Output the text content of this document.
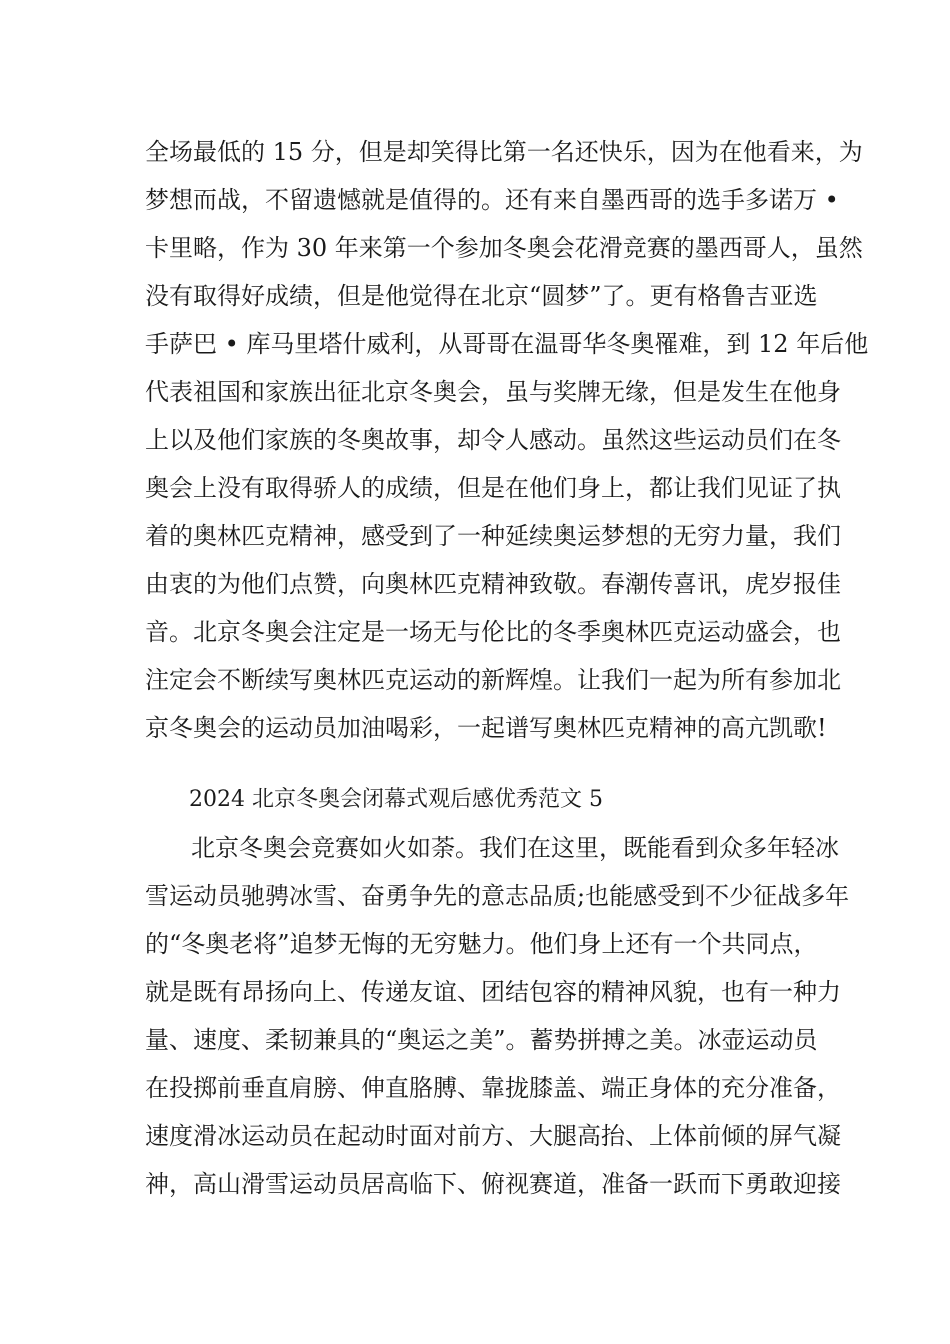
全场最低的 15 分，但是却笑得比第一名还快乐，因为在他看来，为
梦想而战，不留遗憾就是值得的。还有来自墨西哥的选手多诺万 •
卡里略，作为 30 年来第一个参加冬奥会花滑竞赛的墨西哥人，虽然
没有取得好成绩，但是他觉得在北京“圆梦”了。更有格鲁吉亚选
手萨巴 • 库马里塔什威利，从哥哥在温哥华冬奥罹难，到 12 年后他
代表祖国和家族出征北京冬奥会，虽与奖牌无缘，但是发生在他身
上以及他们家族的冬奥故事，却令人感动。虽然这些运动员们在冬
奥会上没有取得骄人的成绩，但是在他们身上，都让我们见证了执
着的奥林匹克精神，感受到了一种延续奥运梦想的无穷力量，我们
由衷的为他们点赞，向奥林匹克精神致敬。春潮传喜讯，虎岁报佳
音。北京冬奥会注定是一场无与伦比的冬季奥林匹克运动盛会，也
注定会不断续写奥林匹克运动的新辉煌。让我们一起为所有参加北
京冬奥会的运动员加油喝彩，一起谱写奥林匹克精神的高亢凯歌!
2024 北京冬奥会闭幕式观后感优秀范文 5
北京冬奥会竞赛如火如荼。我们在这里，既能看到众多年轻冰
雪运动员驰骋冰雪、奋勇争先的意志品质;也能感受到不少征战多年
的“冬奥老将”追梦无悔的无穷魅力。他们身上还有一个共同点，
就是既有昂扬向上、传递友谊、团结包容的精神风貌，也有一种力
量、速度、柔韧兼具的“奥运之美”。蓄势拼搏之美。冰壶运动员
在投掷前垂直肩膀、伸直胳膊、靠拢膝盖、端正身体的充分准备，
速度滑冰运动员在起动时面对前方、大腿高抬、上体前倾的屏气凝
神，高山滑雪运动员居高临下、俯视赛道，准备一跃而下勇敢迎接
